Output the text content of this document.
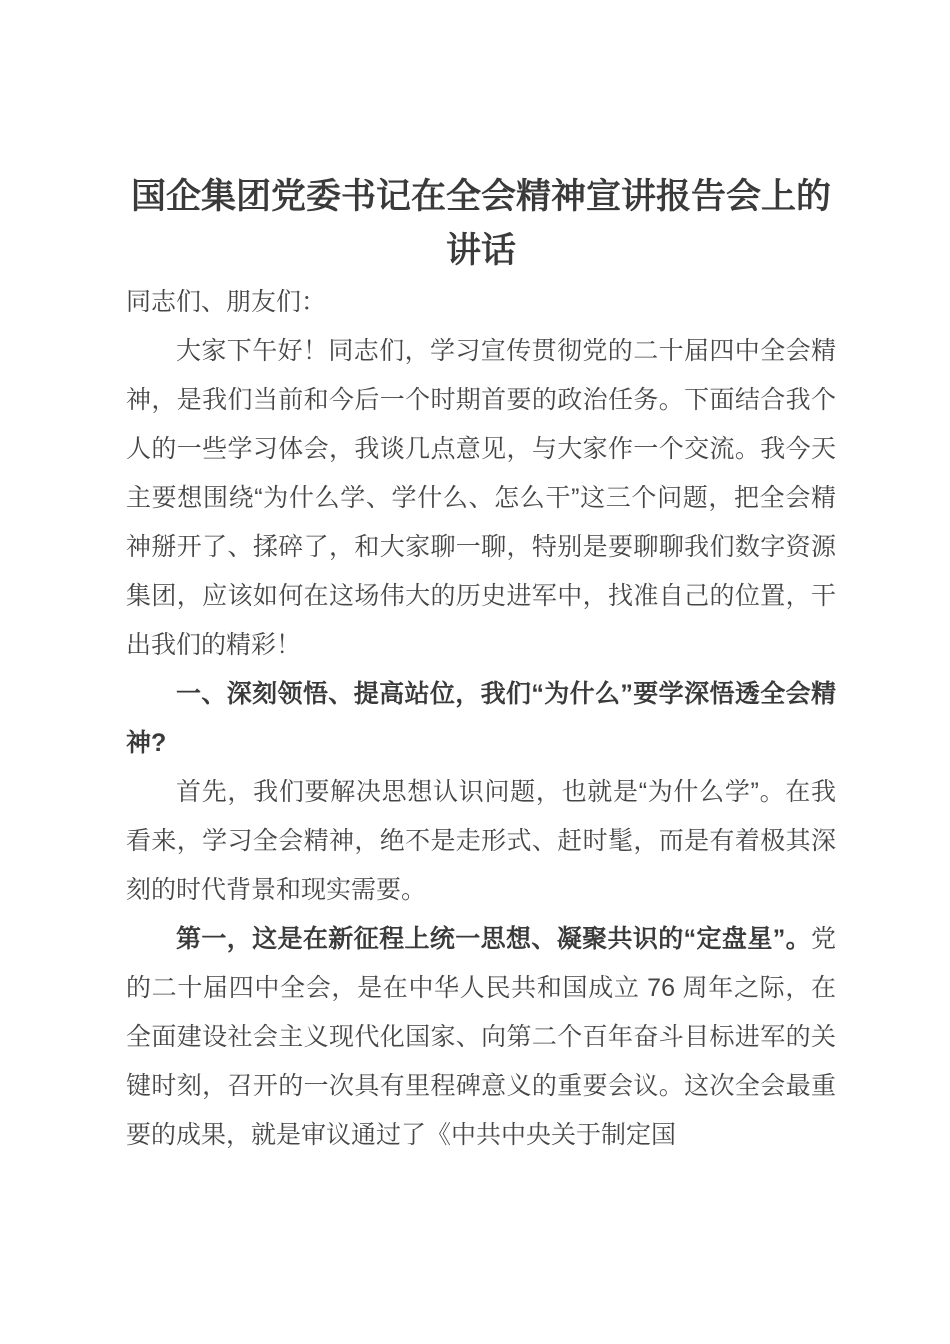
国企集团党委书记在全会精神宣讲报告会上的讲话

同志们、朋友们：

大家下午好！同志们，学习宣传贯彻党的二十届四中全会精神，是我们当前和今后一个时期首要的政治任务。下面结合我个人的一些学习体会，我谈几点意见，与大家作一个交流。我今天主要想围绕“为什么学、学什么、怎么干”这三个问题，把全会精神掰开了、揉碎了，和大家聊一聊，特别是要聊聊我们数字资源集团，应该如何在这场伟大的历史进军中，找准自己的位置，干出我们的精彩！

一、深刻领悟、提高站位，我们“为什么”要学深悟透全会精神?

首先，我们要解决思想认识问题，也就是“为什么学”。在我看来，学习全会精神，绝不是走形式、赶时髦，而是有着极其深刻的时代背景和现实需要。

第一，这是在新征程上统一思想、凝聚共识的“定盘星”。党的二十届四中全会，是在中华人民共和国成立 76 周年之际，在全面建设社会主义现代化国家、向第二个百年奋斗目标进军的关键时刻，召开的一次具有里程碑意义的重要会议。这次全会最重要的成果，就是审议通过了《中共中央关于制定国
